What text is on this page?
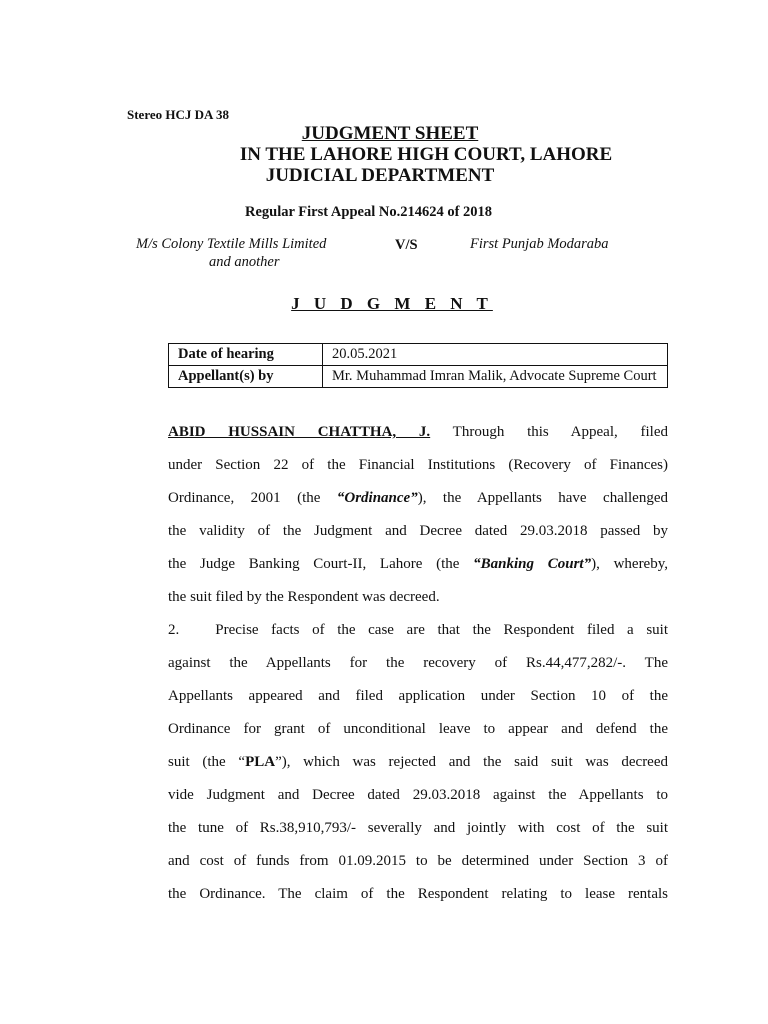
Stereo HCJ DA 38
JUDGMENT SHEET
IN THE LAHORE HIGH COURT, LAHORE
JUDICIAL DEPARTMENT
Regular First Appeal No.214624 of 2018
M/s Colony Textile Mills Limited
and another
V/S	First Punjab Modaraba
J U D G M E N T
Date of hearing	20.05.2021
Appellant(s) by	Mr. Muhammad Imran Malik, Advocate Supreme Court
ABID HUSSAIN CHATTHA, J. Through this Appeal, filed
under Section 22 of the Financial Institutions (Recovery of Finances)
Ordinance, 2001 (the “Ordinance”), the Appellants have challenged
the validity of the Judgment and Decree dated 29.03.2018 passed by
the Judge Banking Court-II, Lahore (the “Banking Court”), whereby,
the suit filed by the Respondent was decreed.
2. Precise facts of the case are that the Respondent filed a suit
against the Appellants for the recovery of Rs.44,477,282/-. The
Appellants appeared and filed application under Section 10 of the
Ordinance for grant of unconditional leave to appear and defend the
suit (the “PLA”), which was rejected and the said suit was decreed
vide Judgment and Decree dated 29.03.2018 against the Appellants to
the tune of Rs.38,910,793/- severally and jointly with cost of the suit
and cost of funds from 01.09.2015 to be determined under Section 3 of
the Ordinance. The claim of the Respondent relating to lease rentals
